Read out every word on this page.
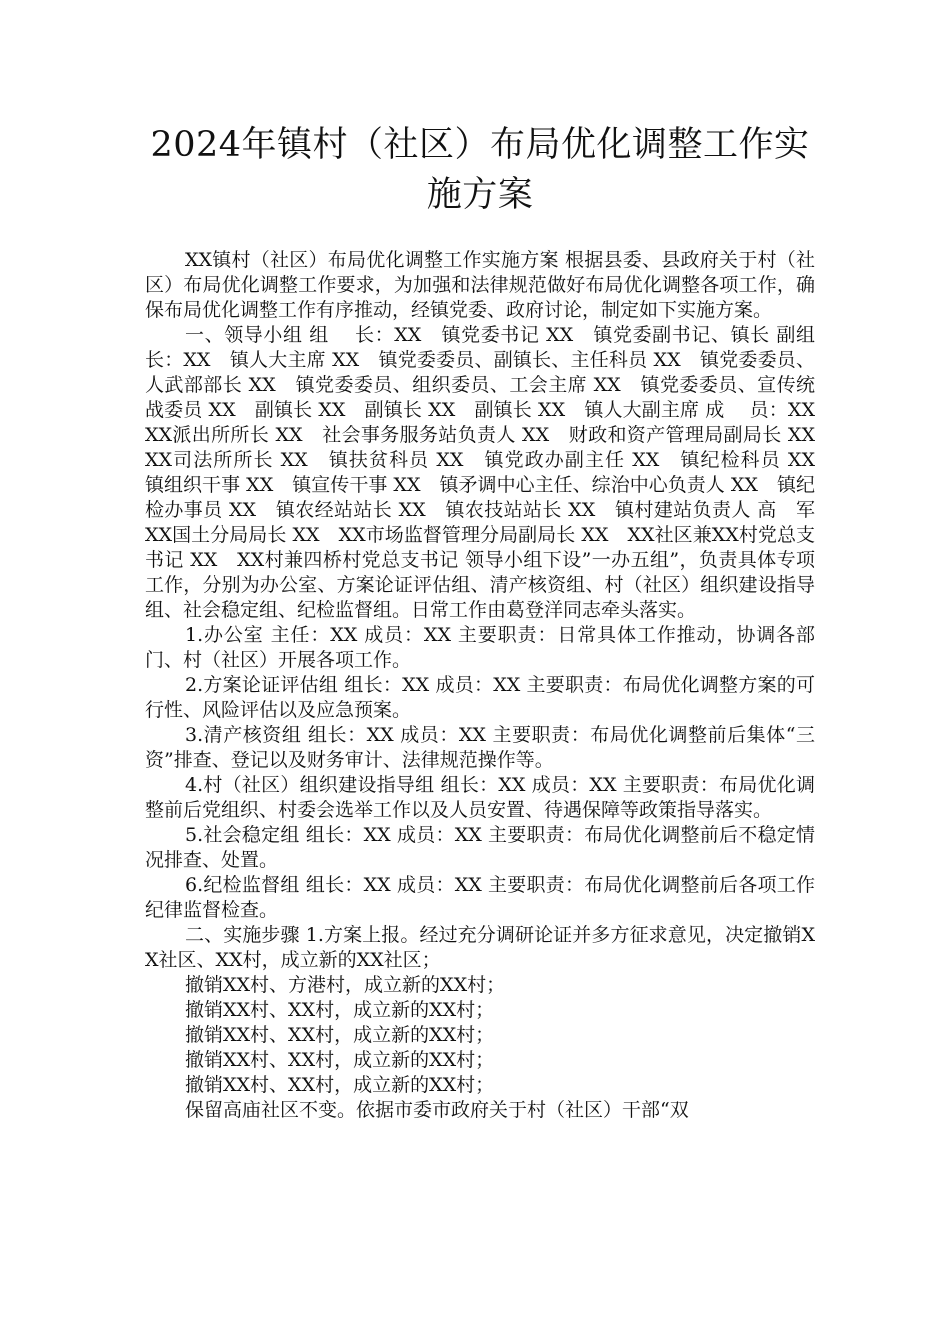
2024年镇村（社区）布局优化调整工作实
施方案

XX镇村（社区）布局优化调整工作实施方案 根据县委、县政府关于村（社区）布局优化调整工作要求，为加强和法律规范做好布局优化调整各项工作，确保布局优化调整工作有序推动，经镇党委、政府讨论，制定如下实施方案。

一、领导小组 组　 长：XX　镇党委书记 XX　镇党委副书记、镇长 副组长：XX　镇人大主席 XX　镇党委委员、副镇长、主任科员 XX　镇党委委员、人武部部长 XX　镇党委委员、组织委员、工会主席 XX　镇党委委员、宣传统战委员 XX　副镇长 XX　副镇长 XX　副镇长 XX　镇人大副主席 成　 员：XX　XX派出所所长 XX　社会事务服务站负责人 XX　财政和资产管理局副局长 XX　XX司法所所长 XX　镇扶贫科员 XX　镇党政办副主任 XX　镇纪检科员 XX　镇组织干事 XX　镇宣传干事 XX　镇矛调中心主任、综治中心负责人 XX　镇纪检办事员 XX　镇农经站站长 XX　镇农技站站长 XX　镇村建站负责人 高　军　XX国土分局局长 XX　XX市场监督管理分局副局长 XX　XX社区兼XX村党总支书记 XX　XX村兼四桥村党总支书记 领导小组下设”一办五组”，负责具体专项工作，分别为办公室、方案论证评估组、清产核资组、村（社区）组织建设指导组、社会稳定组、纪检监督组。日常工作由葛登洋同志牵头落实。

1.办公室 主任：XX 成员：XX 主要职责：日常具体工作推动，协调各部门、村（社区）开展各项工作。

2.方案论证评估组 组长：XX 成员：XX 主要职责：布局优化调整方案的可行性、风险评估以及应急预案。

3.清产核资组 组长：XX 成员：XX 主要职责：布局优化调整前后集体“三资”排查、登记以及财务审计、法律规范操作等。

4.村（社区）组织建设指导组 组长：XX 成员：XX 主要职责：布局优化调整前后党组织、村委会选举工作以及人员安置、待遇保障等政策指导落实。

5.社会稳定组 组长：XX 成员：XX 主要职责：布局优化调整前后不稳定情况排查、处置。

6.纪检监督组 组长：XX 成员：XX 主要职责：布局优化调整前后各项工作纪律监督检查。

二、实施步骤 1.方案上报。经过充分调研论证并多方征求意见，决定撤销XX社区、XX村，成立新的XX社区；

撤销XX村、方港村，成立新的XX村；

撤销XX村、XX村，成立新的XX村；

撤销XX村、XX村，成立新的XX村；

撤销XX村、XX村，成立新的XX村；

撤销XX村、XX村，成立新的XX村；

保留高庙社区不变。依据市委市政府关于村（社区）干部“双
